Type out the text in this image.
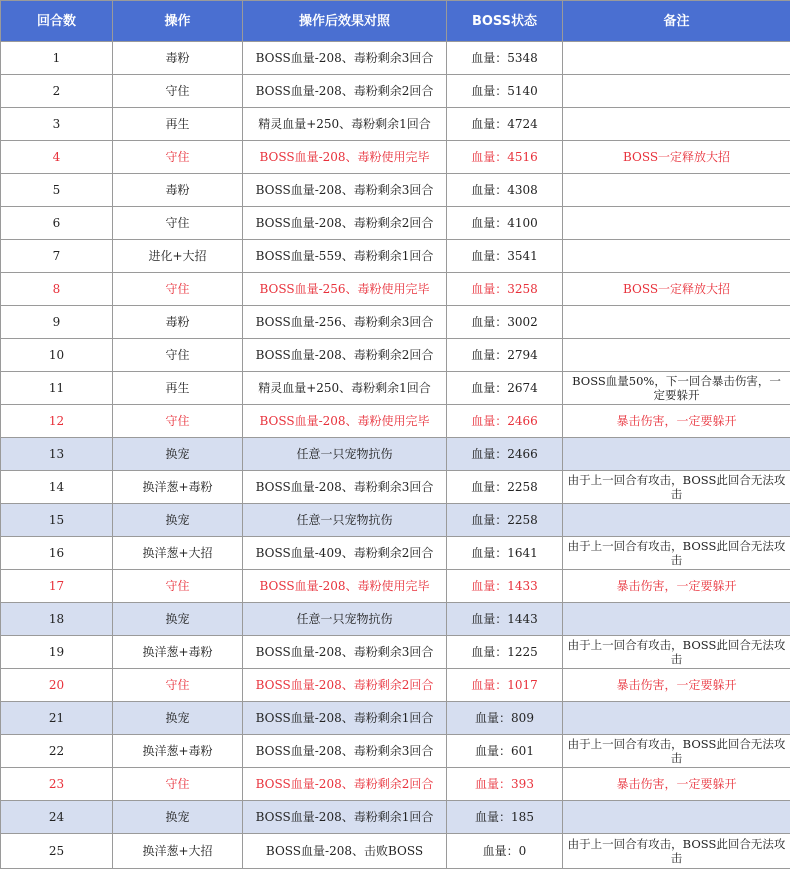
回合数	操作	操作后效果对照	BOSS状态	备注
1	毒粉	BOSS血量-208、毒粉剩余3回合	血量：5348	
2	守住	BOSS血量-208、毒粉剩余2回合	血量：5140	
3	再生	精灵血量+250、毒粉剩余1回合	血量：4724	
4	守住	BOSS血量-208、毒粉使用完毕	血量：4516	BOSS一定释放大招
5	毒粉	BOSS血量-208、毒粉剩余3回合	血量：4308	
6	守住	BOSS血量-208、毒粉剩余2回合	血量：4100	
7	进化+大招	BOSS血量-559、毒粉剩余1回合	血量：3541	
8	守住	BOSS血量-256、毒粉使用完毕	血量：3258	BOSS一定释放大招
9	毒粉	BOSS血量-256、毒粉剩余3回合	血量：3002	
10	守住	BOSS血量-208、毒粉剩余2回合	血量：2794	
11	再生	精灵血量+250、毒粉剩余1回合	血量：2674	BOSS血量50%，下一回合暴击伤害，一定要躲开
12	守住	BOSS血量-208、毒粉使用完毕	血量：2466	暴击伤害，一定要躲开
13	换宠	任意一只宠物抗伤	血量：2466	
14	换洋葱+毒粉	BOSS血量-208、毒粉剩余3回合	血量：2258	由于上一回合有攻击，BOSS此回合无法攻击
15	换宠	任意一只宠物抗伤	血量：2258	
16	换洋葱+大招	BOSS血量-409、毒粉剩余2回合	血量：1641	由于上一回合有攻击，BOSS此回合无法攻击
17	守住	BOSS血量-208、毒粉使用完毕	血量：1433	暴击伤害，一定要躲开
18	换宠	任意一只宠物抗伤	血量：1443	
19	换洋葱+毒粉	BOSS血量-208、毒粉剩余3回合	血量：1225	由于上一回合有攻击，BOSS此回合无法攻击
20	守住	BOSS血量-208、毒粉剩余2回合	血量：1017	暴击伤害，一定要躲开
21	换宠	BOSS血量-208、毒粉剩余1回合	血量：809	
22	换洋葱+毒粉	BOSS血量-208、毒粉剩余3回合	血量：601	由于上一回合有攻击，BOSS此回合无法攻击
23	守住	BOSS血量-208、毒粉剩余2回合	血量：393	暴击伤害，一定要躲开
24	换宠	BOSS血量-208、毒粉剩余1回合	血量：185	
25	换洋葱+大招	BOSS血量-208、击败BOSS	血量：0	由于上一回合有攻击，BOSS此回合无法攻击
